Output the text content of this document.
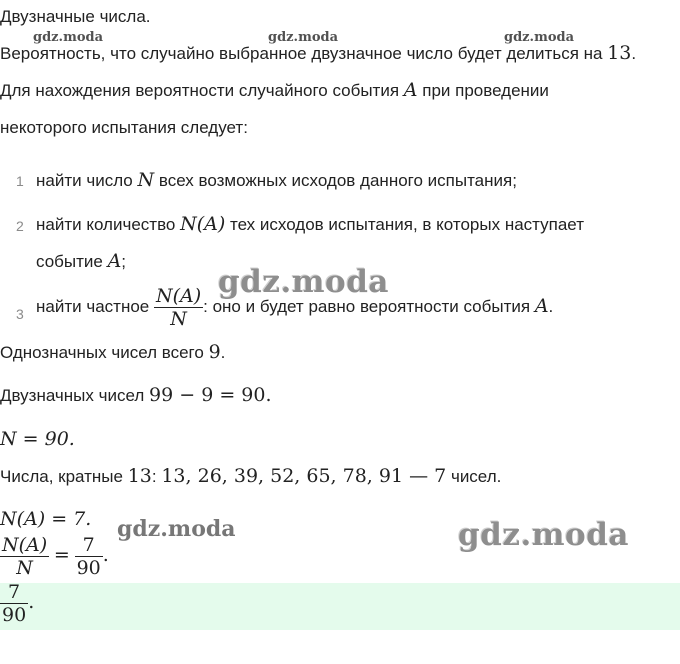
Двузначные числа.
Вероятность, что случайно выбранное двузначное число будет делиться на 13.
Для нахождения вероятности случайного события A при проведении
некоторого испытания следует:
1 найти число N всех возможных исходов данного испытания;
2 найти количество N(A) тех исходов испытания, в которых наступает
событие A;
3 найти частное $\frac{N(A)}{N}$ : оно и будет равно вероятности события A.
Однозначных чисел всего 9.
Двузначных чисел 99 − 9 = 90.
N = 90.
Числа, кратные 13: 13, 26, 39, 52, 65, 78, 91 — 7 чисел.
N(A) = 7.
$\frac{N(A)}{N} = \frac{7}{90}$ .
$\frac{7}{90}$ .
gdz.moda	gdz.moda	gdz.moda
gdz.moda
gdz.moda	gdz.moda
